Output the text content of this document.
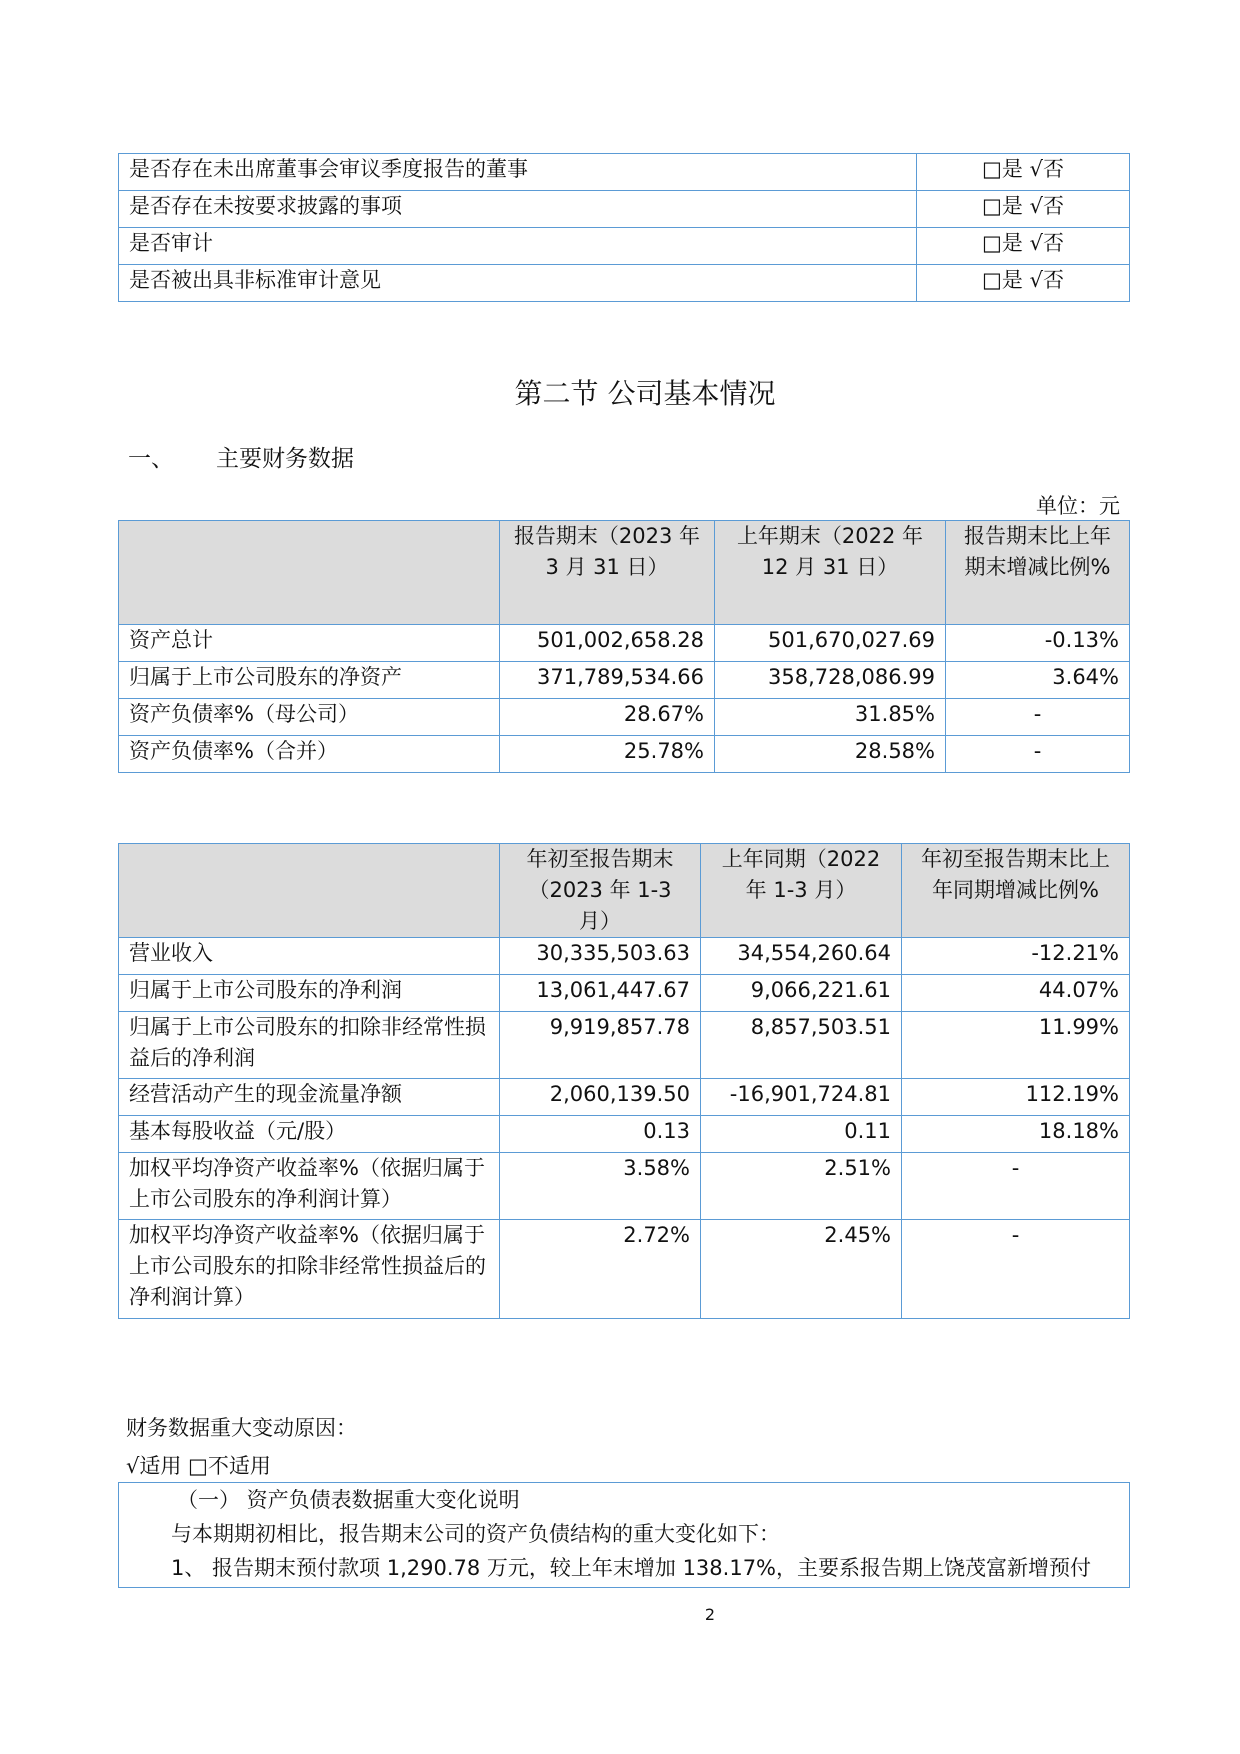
是否存在未出席董事会审议季度报告的董事	□是 √否
是否存在未按要求披露的事项	□是 √否
是否审计	□是 √否
是否被出具非标准审计意见	□是 √否
第二节 公司基本情况
一、 主要财务数据
单位：元
	报告期末（2023 年 3 月 31 日）	上年期末（2022 年 12 月 31 日）	报告期末比上年期末增减比例%
资产总计	501,002,658.28	501,670,027.69	-0.13%
归属于上市公司股东的净资产	371,789,534.66	358,728,086.99	3.64%
资产负债率%（母公司）	28.67%	31.85%	-
资产负债率%（合并）	25.78%	28.58%	-
	年初至报告期末（2023 年 1-3 月）	上年同期（2022 年 1-3 月）	年初至报告期末比上年同期增减比例%
营业收入	30,335,503.63	34,554,260.64	-12.21%
归属于上市公司股东的净利润	13,061,447.67	9,066,221.61	44.07%
归属于上市公司股东的扣除非经常性损益后的净利润	9,919,857.78	8,857,503.51	11.99%
经营活动产生的现金流量净额	2,060,139.50	-16,901,724.81	112.19%
基本每股收益（元/股）	0.13	0.11	18.18%
加权平均净资产收益率%（依据归属于上市公司股东的净利润计算）	3.58%	2.51%	-
加权平均净资产收益率%（依据归属于上市公司股东的扣除非经常性损益后的净利润计算）	2.72%	2.45%	-
财务数据重大变动原因：
√适用 □不适用
（一） 资产负债表数据重大变化说明
与本期期初相比，报告期末公司的资产负债结构的重大变化如下：
1、 报告期末预付款项 1,290.78 万元，较上年末增加 138.17%，主要系报告期上饶茂富新增预付
2
